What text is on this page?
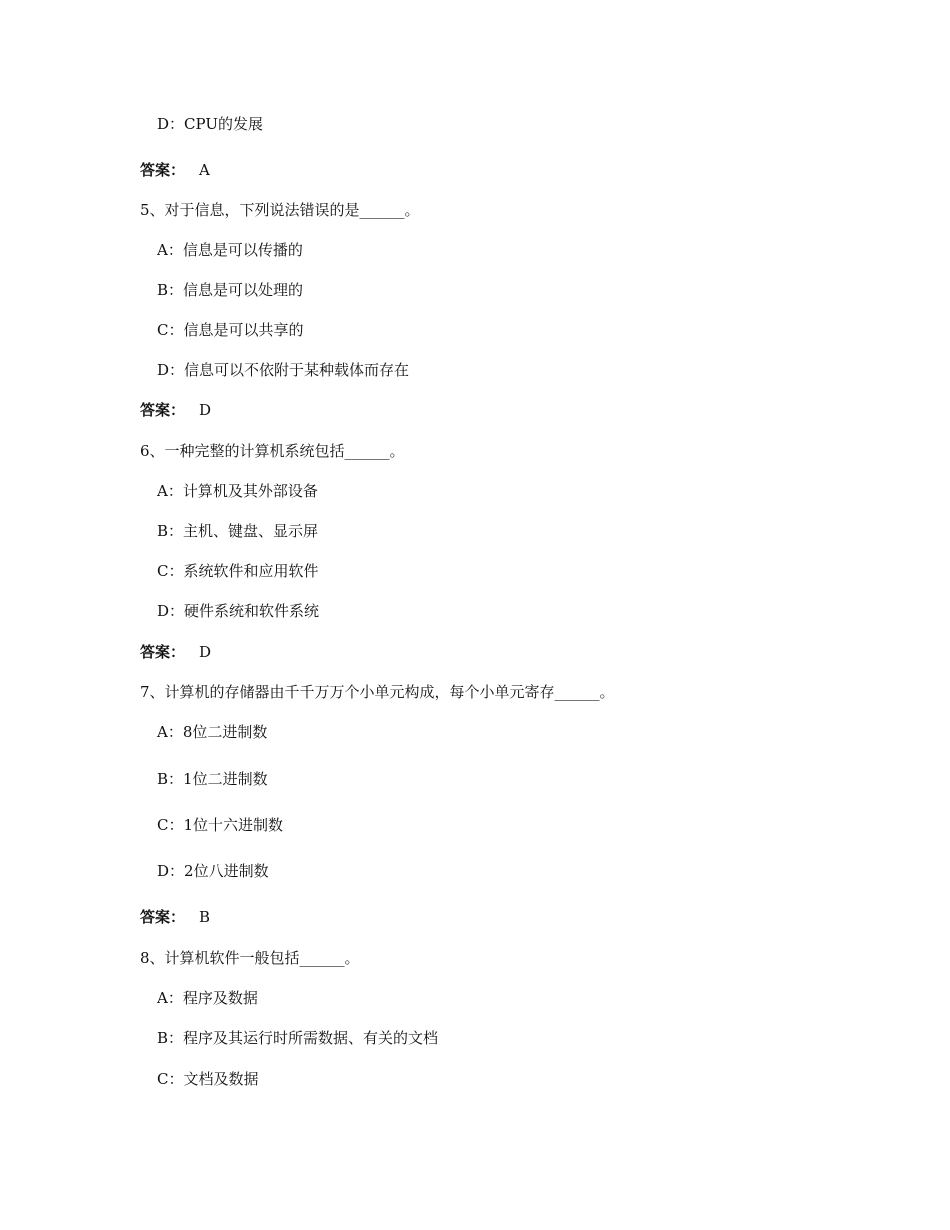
D：CPU的发展
答案： A
5、对于信息，下列说法错误的是______。
A：信息是可以传播的
B：信息是可以处理的
C：信息是可以共享的
D：信息可以不依附于某种载体而存在
答案： D
6、一种完整的计算机系统包括______。
A：计算机及其外部设备
B：主机、键盘、显示屏
C：系统软件和应用软件
D：硬件系统和软件系统
答案： D
7、计算机的存储器由千千万万个小单元构成，每个小单元寄存______。
A：8位二进制数
B：1位二进制数
C：1位十六进制数
D：2位八进制数
答案： B
8、计算机软件一般包括______。
A：程序及数据
B：程序及其运行时所需数据、有关的文档
C：文档及数据
